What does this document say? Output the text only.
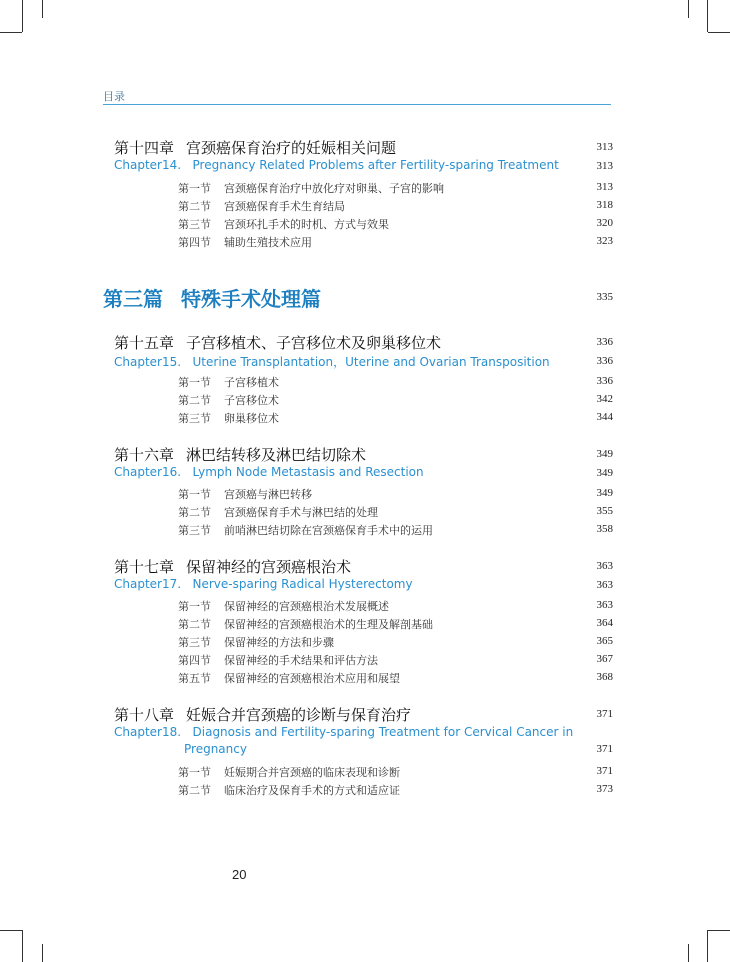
目录
第十四章 宫颈癌保育治疗的妊娠相关问题	313
Chapter14. Pregnancy Related Problems after Fertility-sparing Treatment	313
第一节 宫颈癌保育治疗中放化疗对卵巢、子宫的影响	313
第二节 宫颈癌保育手术生育结局	318
第三节 宫颈环扎手术的时机、方式与效果	320
第四节 辅助生殖技术应用	323
第三篇 特殊手术处理篇	335
第十五章 子宫移植术、子宫移位术及卵巢移位术	336
Chapter15. Uterine Transplantation，Uterine and Ovarian Transposition	336
第一节 子宫移植术	336
第二节 子宫移位术	342
第三节 卵巢移位术	344
第十六章 淋巴结转移及淋巴结切除术	349
Chapter16. Lymph Node Metastasis and Resection	349
第一节 宫颈癌与淋巴转移	349
第二节 宫颈癌保育手术与淋巴结的处理	355
第三节 前哨淋巴结切除在宫颈癌保育手术中的运用	358
第十七章 保留神经的宫颈癌根治术	363
Chapter17. Nerve-sparing Radical Hysterectomy	363
第一节 保留神经的宫颈癌根治术发展概述	363
第二节 保留神经的宫颈癌根治术的生理及解剖基础	364
第三节 保留神经的方法和步骤	365
第四节 保留神经的手术结果和评估方法	367
第五节 保留神经的宫颈癌根治术应用和展望	368
第十八章 妊娠合并宫颈癌的诊断与保育治疗	371
Chapter18. Diagnosis and Fertility-sparing Treatment for Cervical Cancer in
Pregnancy	371
第一节 妊娠期合并宫颈癌的临床表现和诊断	371
第二节 临床治疗及保育手术的方式和适应证	373
20
